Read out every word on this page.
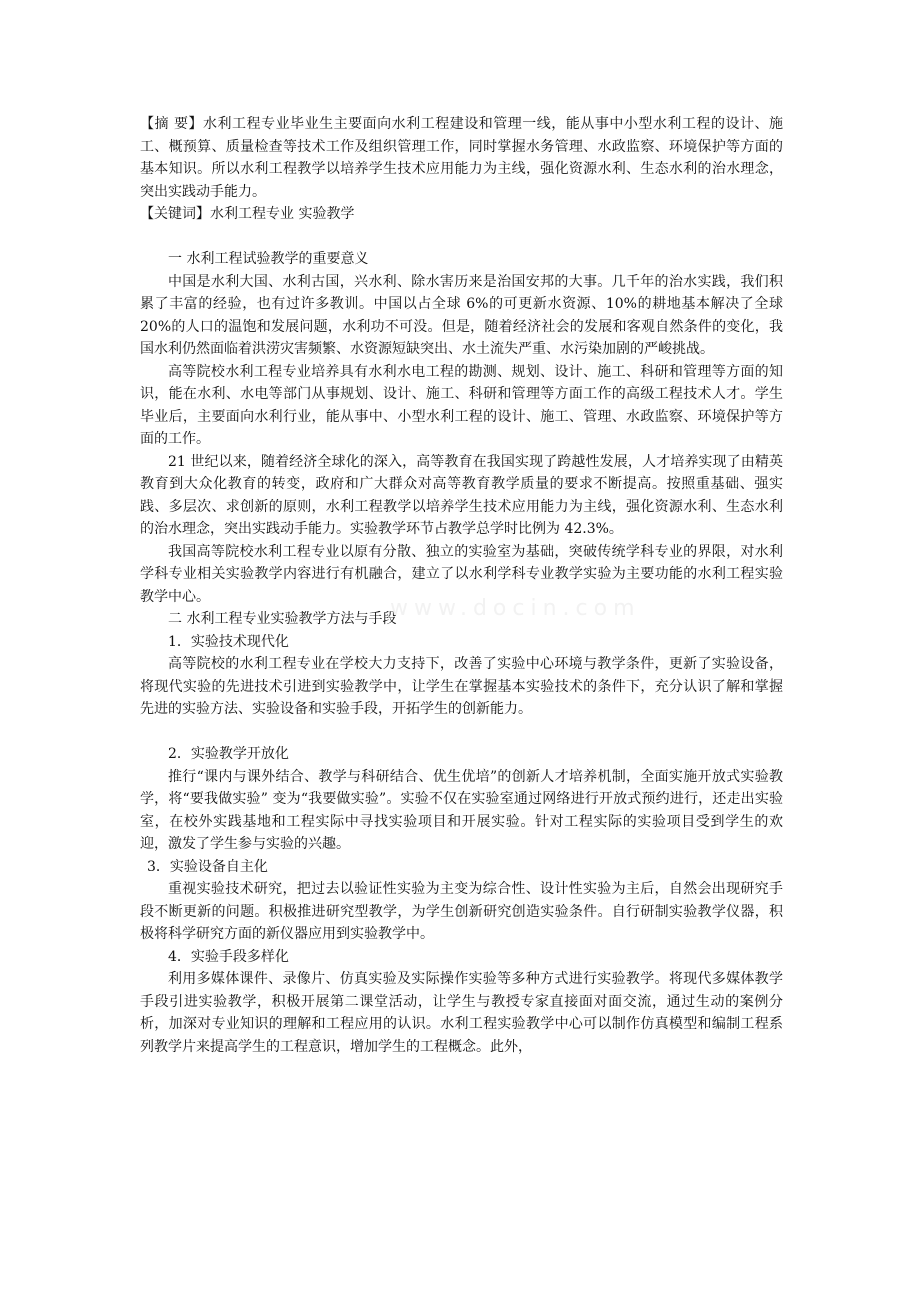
【摘 要】水利工程专业毕业生主要面向水利工程建设和管理一线，能从事中小型水利工程的设计、施工、概预算、质量检查等技术工作及组织管理工作，同时掌握水务管理、水政监察、环境保护等方面的基本知识。所以水利工程教学以培养学生技术应用能力为主线，强化资源水利、生态水利的治水理念，突出实践动手能力。

【关键词】水利工程专业 实验教学

一 水利工程试验教学的重要意义

中国是水利大国、水利古国，兴水利、除水害历来是治国安邦的大事。几千年的治水实践，我们积累了丰富的经验，也有过许多教训。中国以占全球 6%的可更新水资源、10%的耕地基本解决了全球 20%的人口的温饱和发展问题，水利功不可没。但是，随着经济社会的发展和客观自然条件的变化，我国水利仍然面临着洪涝灾害频繁、水资源短缺突出、水土流失严重、水污染加剧的严峻挑战。

高等院校水利工程专业培养具有水利水电工程的勘测、规划、设计、施工、科研和管理等方面的知识，能在水利、水电等部门从事规划、设计、施工、科研和管理等方面工作的高级工程技术人才。学生毕业后，主要面向水利行业，能从事中、小型水利工程的设计、施工、管理、水政监察、环境保护等方面的工作。

21 世纪以来，随着经济全球化的深入，高等教育在我国实现了跨越性发展，人才培养实现了由精英教育到大众化教育的转变，政府和广大群众对高等教育教学质量的要求不断提高。按照重基础、强实践、多层次、求创新的原则，水利工程教学以培养学生技术应用能力为主线，强化资源水利、生态水利的治水理念，突出实践动手能力。实验教学环节占教学总学时比例为 42.3%。

我国高等院校水利工程专业以原有分散、独立的实验室为基础，突破传统学科专业的界限，对水利学科专业相关实验教学内容进行有机融合，建立了以水利学科专业教学实验为主要功能的水利工程实验教学中心。

二 水利工程专业实验教学方法与手段

1．实验技术现代化

高等院校的水利工程专业在学校大力支持下，改善了实验中心环境与教学条件，更新了实验设备，将现代实验的先进技术引进到实验教学中，让学生在掌握基本实验技术的条件下，充分认识了解和掌握先进的实验方法、实验设备和实验手段，开拓学生的创新能力。

2．实验教学开放化

推行“课内与课外结合、教学与科研结合、优生优培”的创新人才培养机制，全面实施开放式实验教学，将“要我做实验” 变为“我要做实验”。实验不仅在实验室通过网络进行开放式预约进行，还走出实验室，在校外实践基地和工程实际中寻找实验项目和开展实验。针对工程实际的实验项目受到学生的欢迎，激发了学生参与实验的兴趣。

3．实验设备自主化

重视实验技术研究，把过去以验证性实验为主变为综合性、设计性实验为主后，自然会出现研究手段不断更新的问题。积极推进研究型教学，为学生创新研究创造实验条件。自行研制实验教学仪器，积极将科学研究方面的新仪器应用到实验教学中。

4．实验手段多样化

利用多媒体课件、录像片、仿真实验及实际操作实验等多种方式进行实验教学。将现代多媒体教学手段引进实验教学，积极开展第二课堂活动，让学生与教授专家直接面对面交流，通过生动的案例分析，加深对专业知识的理解和工程应用的认识。水利工程实验教学中心可以制作仿真模型和编制工程系列教学片来提高学生的工程意识，增加学生的工程概念。此外，

www.docin.com
